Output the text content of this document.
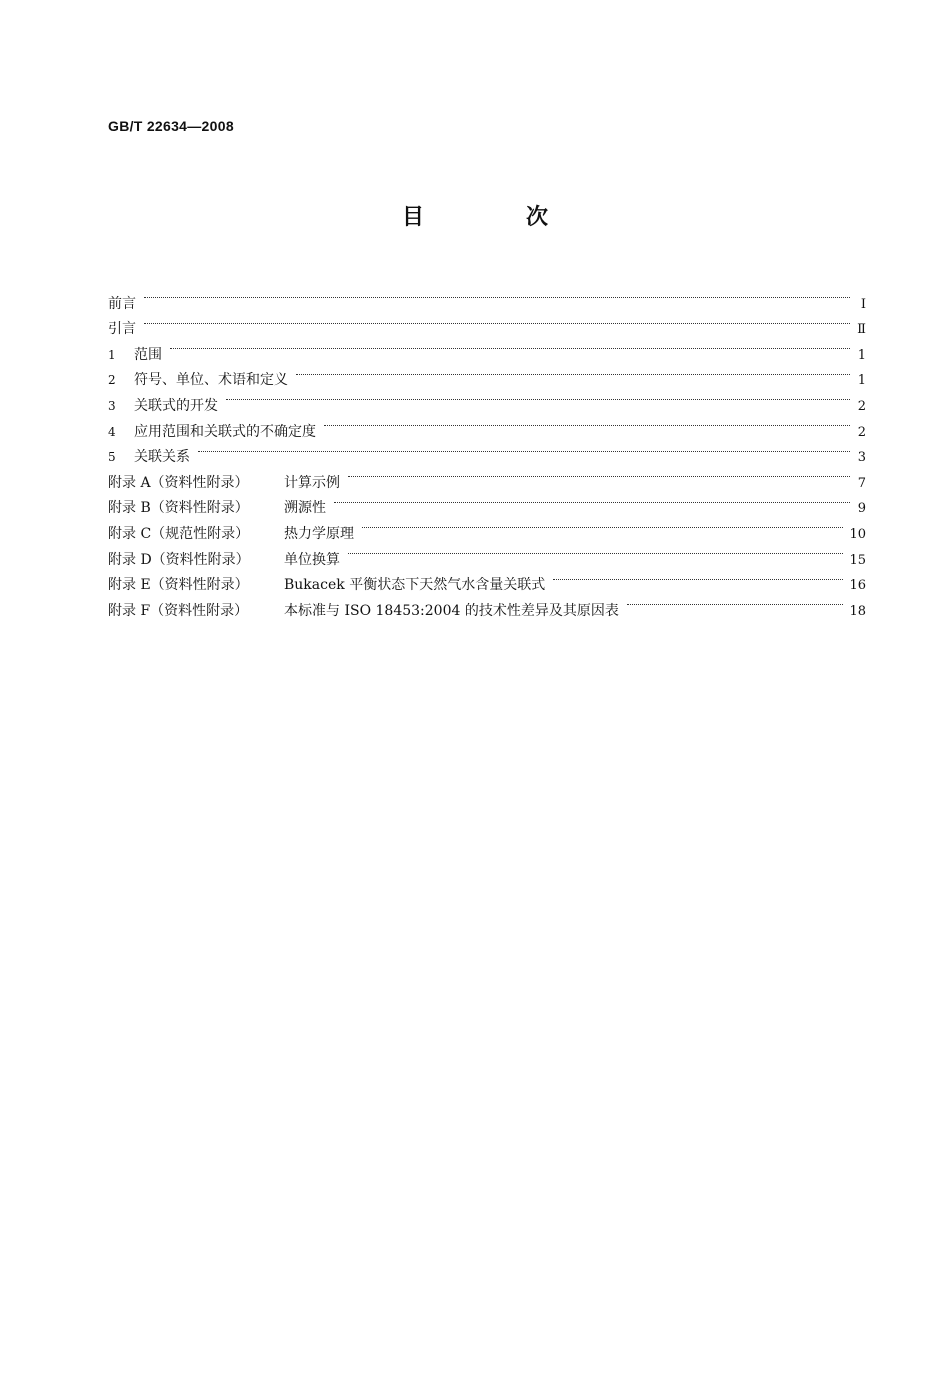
GB/T 22634—2008
目　次
前言	Ⅰ
引言	Ⅱ
1	范围	1
2	符号、单位、术语和定义	1
3	关联式的开发	2
4	应用范围和关联式的不确定度	2
5	关联关系	3
附录 A（资料性附录）	计算示例	7
附录 B（资料性附录）	溯源性	9
附录 C（规范性附录）	热力学原理	10
附录 D（资料性附录）	单位换算	15
附录 E（资料性附录）	Bukacek 平衡状态下天然气水含量关联式	16
附录 F（资料性附录）	本标准与 ISO 18453:2004 的技术性差异及其原因表	18
